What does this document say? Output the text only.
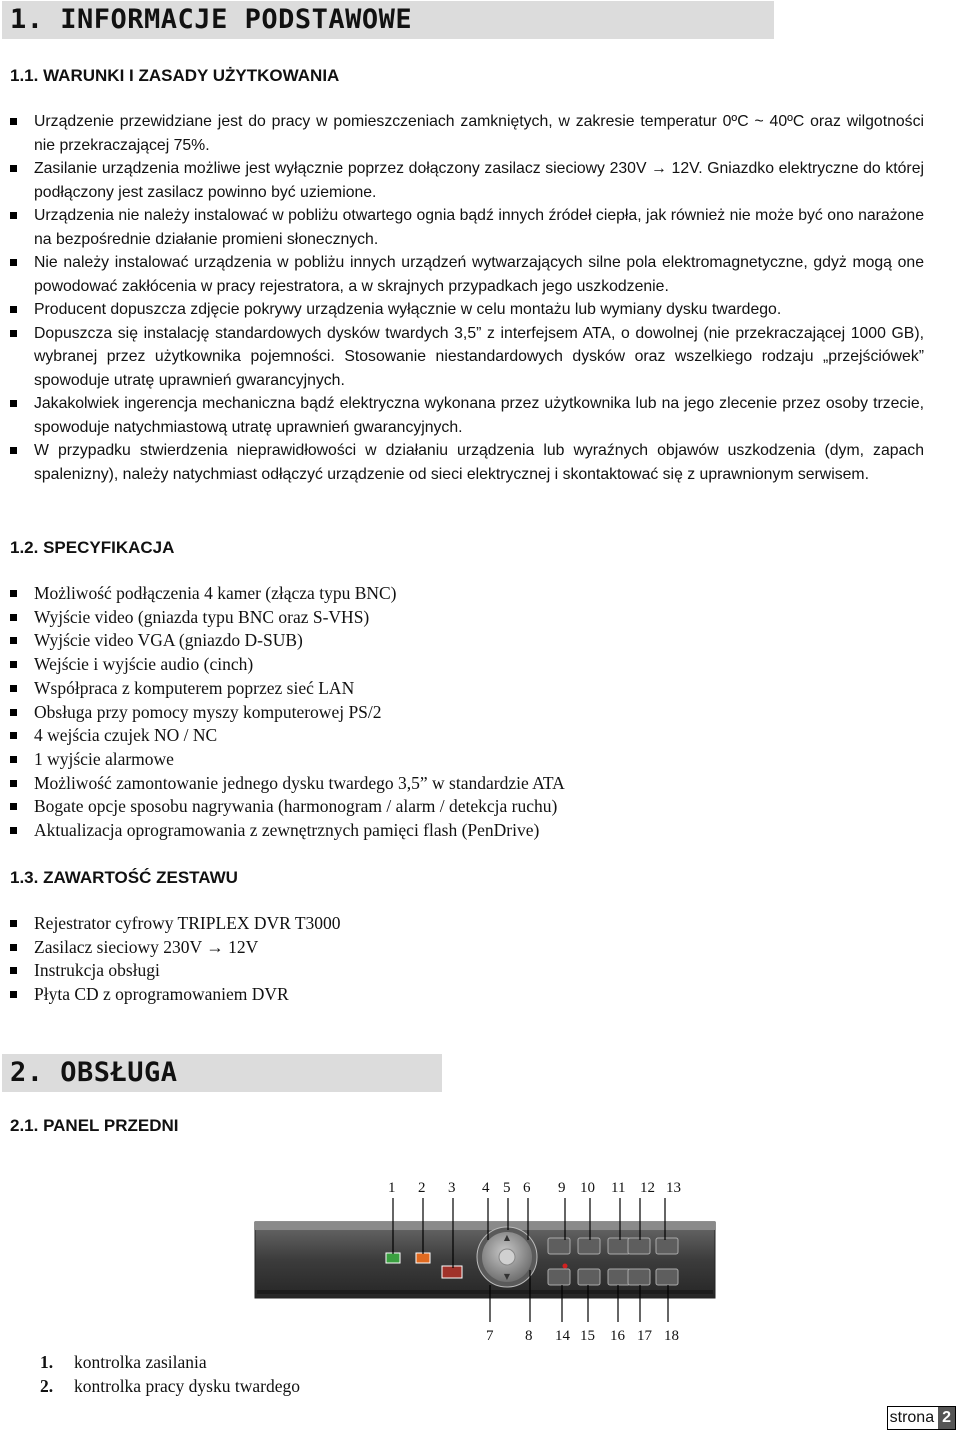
1. INFORMACJE PODSTAWOWE
1.1. WARUNKI I ZASADY UŻYTKOWANIA
Urządzenie przewidziane jest do pracy w pomieszczeniach zamkniętych, w zakresie temperatur 0ºC ~ 40ºC oraz wilgotności nie przekraczającej 75%.
Zasilanie urządzenia możliwe jest wyłącznie poprzez dołączony zasilacz sieciowy 230V → 12V. Gniazdko elektryczne do której podłączony jest zasilacz powinno być uziemione.
Urządzenia nie należy instalować w pobliżu otwartego ognia bądź innych źródeł ciepła, jak również nie może być ono narażone na bezpośrednie działanie promieni słonecznych.
Nie należy instalować urządzenia w pobliżu innych urządzeń wytwarzających silne pola elektromagnetyczne, gdyż mogą one powodować zakłócenia w pracy rejestratora, a w skrajnych przypadkach jego uszkodzenie.
Producent dopuszcza zdjęcie pokrywy urządzenia wyłącznie w celu montażu lub wymiany dysku twardego.
Dopuszcza się instalację standardowych dysków twardych 3,5” z interfejsem ATA, o dowolnej (nie przekraczającej 1000 GB), wybranej przez użytkownika pojemności. Stosowanie niestandardowych dysków oraz wszelkiego rodzaju „przejściówek” spowoduje utratę uprawnień gwarancyjnych.
Jakakolwiek ingerencja mechaniczna bądź elektryczna wykonana przez użytkownika lub na jego zlecenie przez osoby trzecie, spowoduje natychmiastową utratę uprawnień gwarancyjnych.
W przypadku stwierdzenia nieprawidłowości w działaniu urządzenia lub wyraźnych objawów uszkodzenia (dym, zapach spalenizny), należy natychmiast odłączyć urządzenie od sieci elektrycznej i skontaktować się z uprawnionym serwisem.
1.2. SPECYFIKACJA
Możliwość podłączenia 4 kamer (złącza typu BNC)
Wyjście video (gniazda typu BNC oraz S-VHS)
Wyjście video VGA (gniazdo D-SUB)
Wejście i wyjście audio (cinch)
Współpraca z komputerem poprzez sieć LAN
Obsługa przy pomocy myszy komputerowej PS/2
4 wejścia czujek NO / NC
1 wyjście alarmowe
Możliwość zamontowanie jednego dysku twardego 3,5” w standardzie ATA
Bogate opcje sposobu nagrywania (harmonogram / alarm / detekcja ruchu)
Aktualizacja oprogramowania z zewnętrznych pamięci flash (PenDrive)
1.3. ZAWARTOŚĆ ZESTAWU
Rejestrator cyfrowy TRIPLEX DVR T3000
Zasilacz sieciowy 230V → 12V
Instrukcja obsługi
Płyta CD z oprogramowaniem DVR
2. OBSŁUGA
2.1. PANEL PRZEDNI
1 2 3 4 5 6 9 10 11 12 13
7 8 14 15 16 17 18
▲
▼
1. kontrolka zasilania
2. kontrolka pracy dysku twardego
strona 2
